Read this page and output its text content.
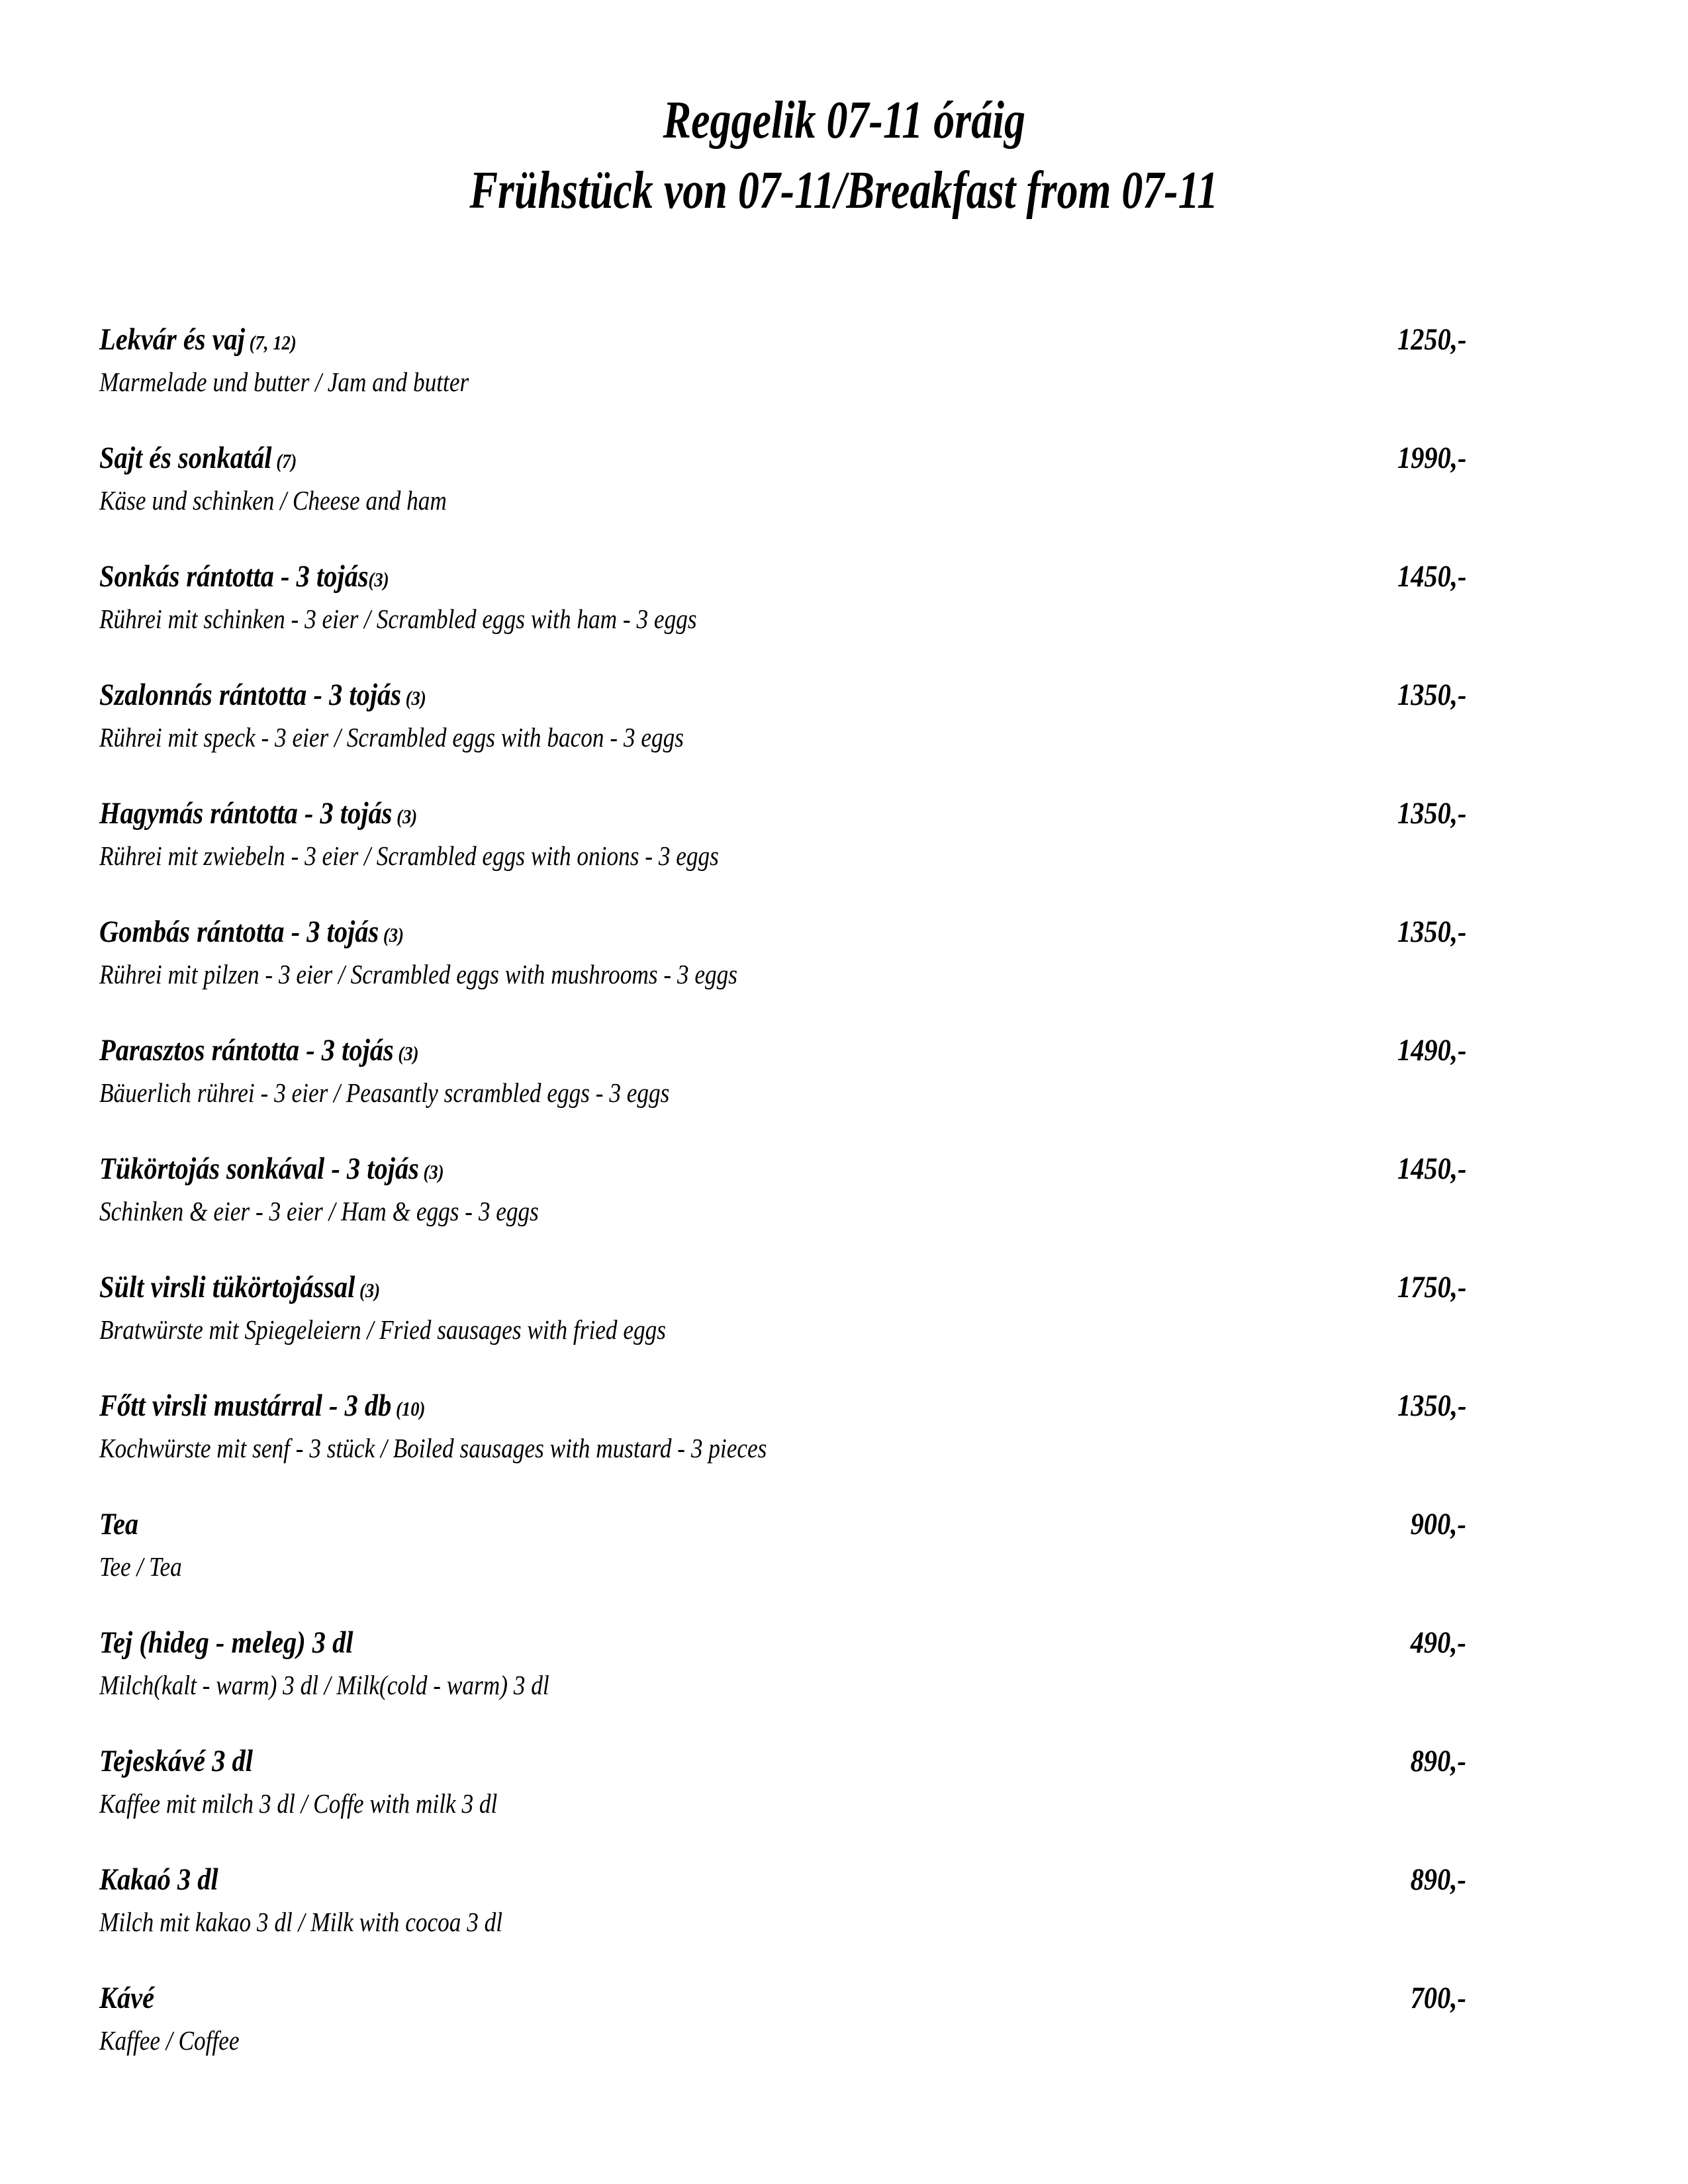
Reggelik 07-11 óráig
Frühstück von 07-11/Breakfast from 07-11
Lekvár és vaj (7, 12)	1250,-
Marmelade und butter / Jam and butter
Sajt és sonkatál (7)	1990,-
Käse und schinken / Cheese and ham
Sonkás rántotta - 3 tojás(3)	1450,-
Rührei mit schinken - 3 eier / Scrambled eggs with ham - 3 eggs
Szalonnás rántotta - 3 tojás (3)	1350,-
Rührei mit speck - 3 eier / Scrambled eggs with bacon - 3 eggs
Hagymás rántotta - 3 tojás (3)	1350,-
Rührei mit zwiebeln - 3 eier / Scrambled eggs with onions - 3 eggs
Gombás rántotta - 3 tojás (3)	1350,-
Rührei mit pilzen - 3 eier / Scrambled eggs with mushrooms - 3 eggs
Parasztos rántotta - 3 tojás (3)	1490,-
Bäuerlich rührei - 3 eier / Peasantly scrambled eggs - 3 eggs
Tükörtojás sonkával - 3 tojás (3)	1450,-
Schinken & eier - 3 eier / Ham & eggs - 3 eggs
Sült virsli tükörtojással (3)	1750,-
Bratwürste mit Spiegeleiern / Fried sausages with fried eggs
Főtt virsli mustárral - 3 db (10)	1350,-
Kochwürste mit senf - 3 stück / Boiled sausages with mustard - 3 pieces
Tea	900,-
Tee / Tea
Tej (hideg - meleg) 3 dl	490,-
Milch(kalt - warm) 3 dl / Milk(cold - warm) 3 dl
Tejeskávé 3 dl	890,-
Kaffee mit milch 3 dl / Coffe with milk 3 dl
Kakaó 3 dl	890,-
Milch mit kakao 3 dl / Milk with cocoa 3 dl
Kávé	700,-
Kaffee / Coffee
